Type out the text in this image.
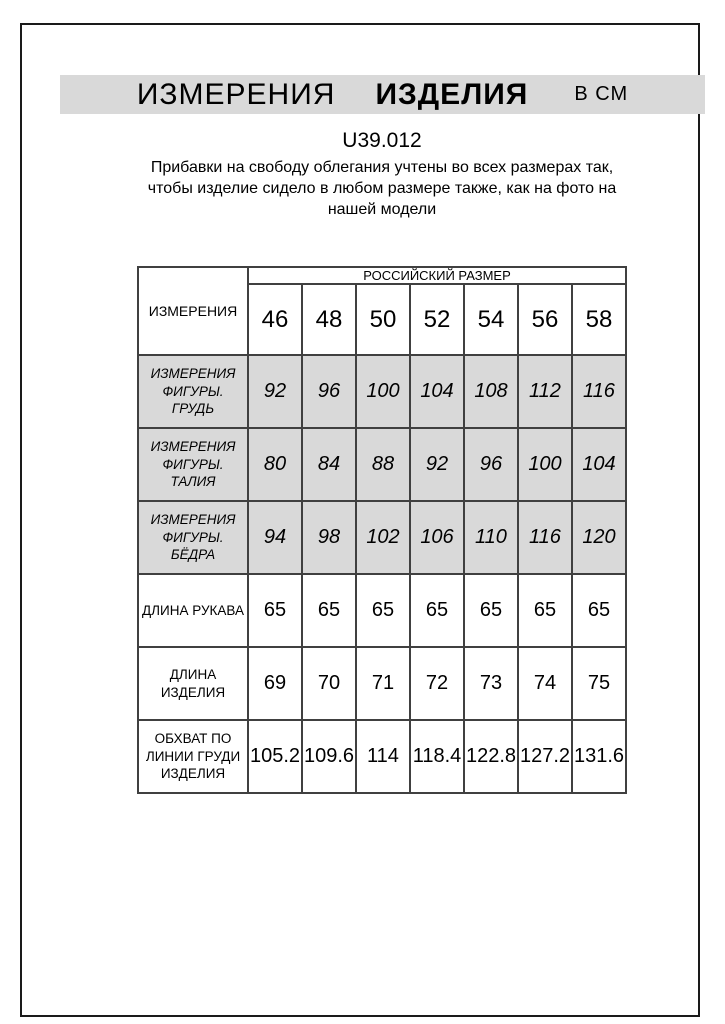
ИЗМЕРЕНИЯ ИЗДЕЛИЯ В СМ
U39.012
Прибавки на свободу облегания учтены во всех размерах так,
чтобы изделие сидело в любом размере также, как на фото на
нашей модели
ИЗМЕРЕНИЯ	РОССИЙСКИЙ РАЗМЕР						
	46	48	50	52	54	56	58
ИЗМЕРЕНИЯ ФИГУРЫ. ГРУДЬ	92	96	100	104	108	112	116
ИЗМЕРЕНИЯ ФИГУРЫ. ТАЛИЯ	80	84	88	92	96	100	104
ИЗМЕРЕНИЯ ФИГУРЫ. БЁДРА	94	98	102	106	110	116	120
ДЛИНА РУКАВА	65	65	65	65	65	65	65
ДЛИНА ИЗДЕЛИЯ	69	70	71	72	73	74	75
ОБХВАТ ПО ЛИНИИ ГРУДИ ИЗДЕЛИЯ	105.2	109.6	114	118.4	122.8	127.2	131.6
